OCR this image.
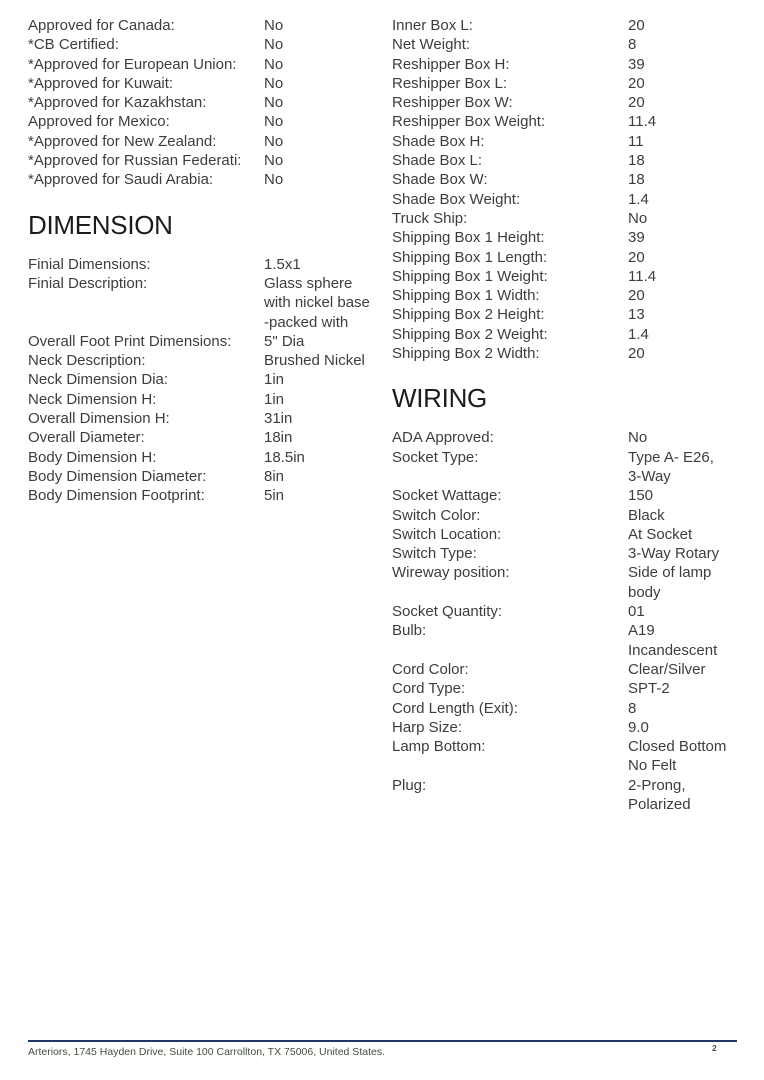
Approved for Canada:	No
*CB Certified:	No
*Approved for European Union:	No
*Approved for Kuwait:	No
*Approved for Kazakhstan:	No
Approved for Mexico:	No
*Approved for New Zealand:	No
*Approved for Russian Federati:	No
*Approved for Saudi Arabia:	No
DIMENSION
Finial Dimensions:	1.5x1
Finial Description:	Glass sphere
with nickel base
-packed with
Overall Foot Print Dimensions:	5" Dia
Neck Description:	Brushed Nickel
Neck Dimension Dia:	1in
Neck Dimension H:	1in
Overall Dimension H:	31in
Overall Diameter:	18in
Body Dimension H:	18.5in
Body Dimension Diameter:	8in
Body Dimension Footprint:	5in
Inner Box L:	20
Net Weight:	8
Reshipper Box H:	39
Reshipper Box L:	20
Reshipper Box W:	20
Reshipper Box Weight:	11.4
Shade Box H:	11
Shade Box L:	18
Shade Box W:	18
Shade Box Weight:	1.4
Truck Ship:	No
Shipping Box 1 Height:	39
Shipping Box 1 Length:	20
Shipping Box 1 Weight:	11.4
Shipping Box 1 Width:	20
Shipping Box 2 Height:	13
Shipping Box 2 Weight:	1.4
Shipping Box 2 Width:	20
WIRING
ADA Approved:	No
Socket Type:	Type A- E26,
3-Way
Socket Wattage:	150
Switch Color:	Black
Switch Location:	At Socket
Switch Type:	3-Way Rotary
Wireway position:	Side of lamp
body
Socket Quantity:	01
Bulb:	A19
Incandescent
Cord Color:	Clear/Silver
Cord Type:	SPT-2
Cord Length (Exit):	8
Harp Size:	9.0
Lamp Bottom:	Closed Bottom
No Felt
Plug:	2-Prong,
Polarized
Arteriors, 1745 Hayden Drive, Suite 100 Carrollton, TX 75006, United States.	2
